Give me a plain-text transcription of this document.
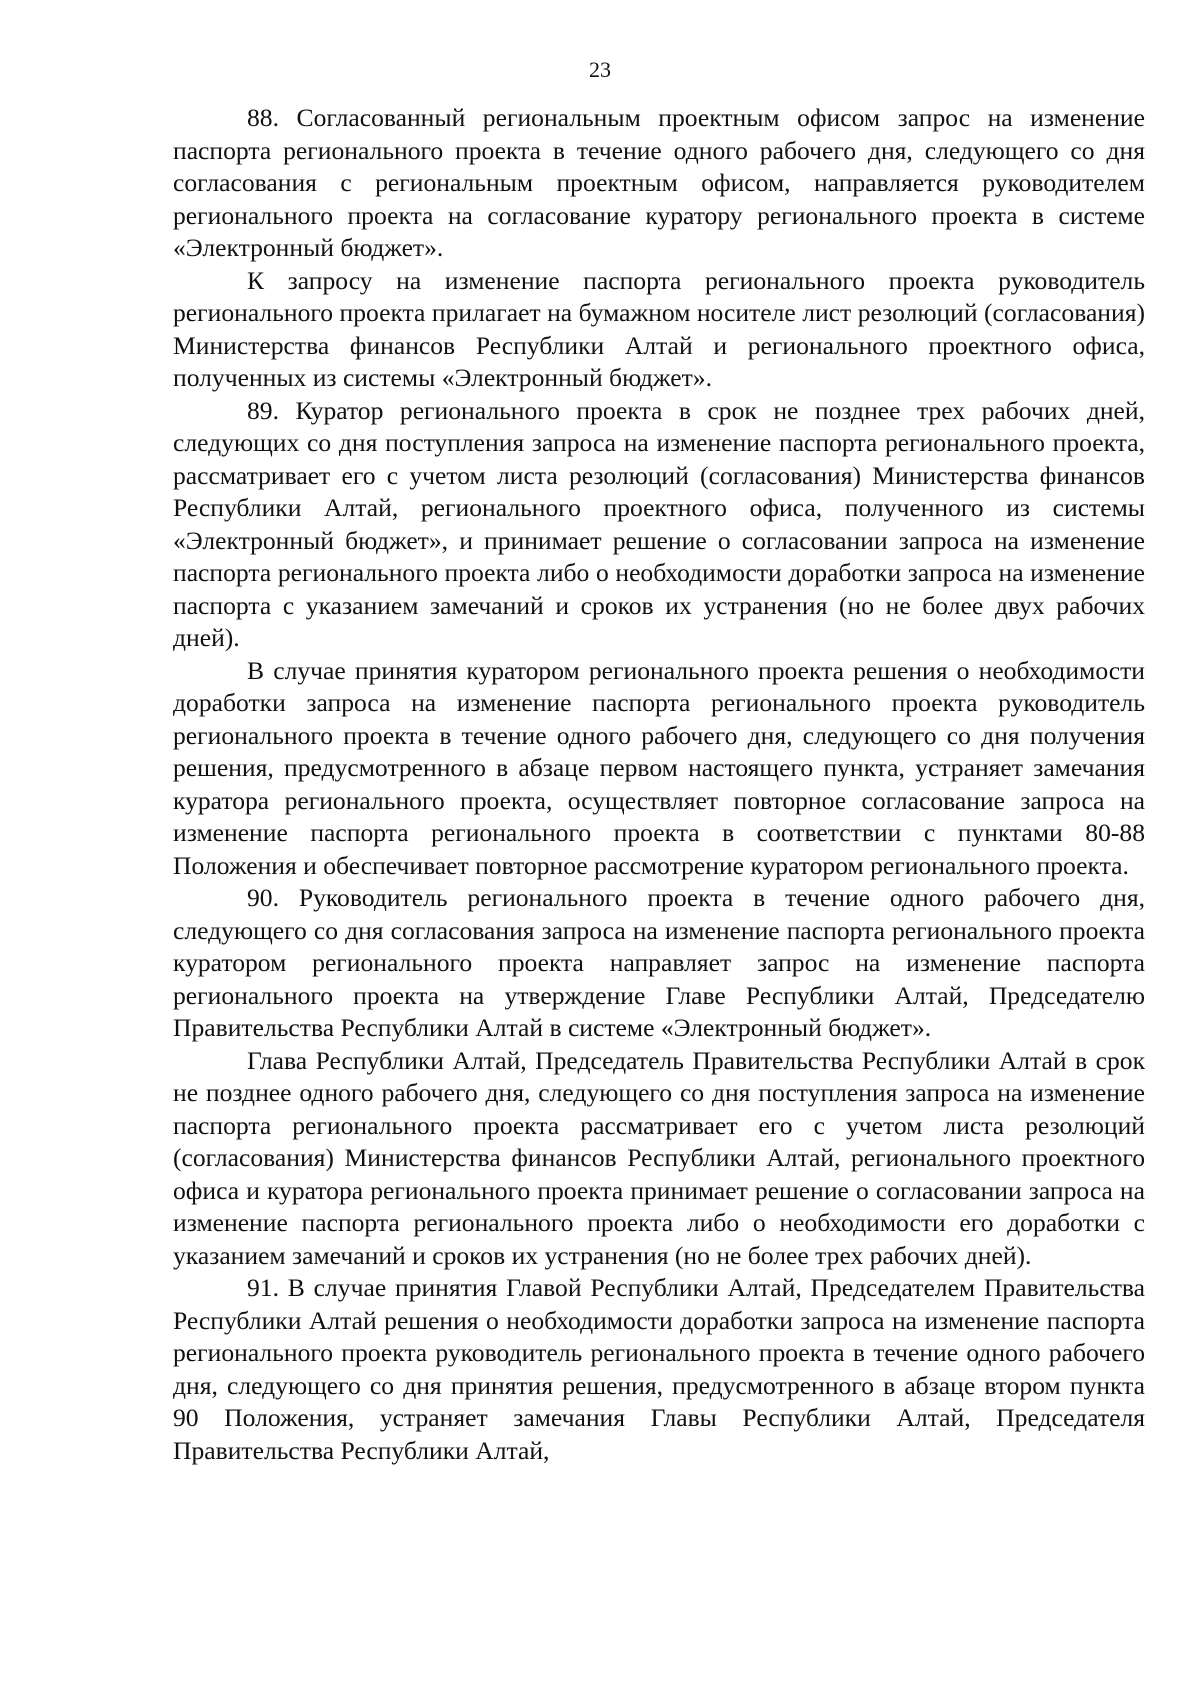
23

88. Согласованный региональным проектным офисом запрос на изменение паспорта регионального проекта в течение одного рабочего дня, следующего со дня согласования с региональным проектным офисом, направляется руководителем регионального проекта на согласование куратору регионального проекта в системе «Электронный бюджет».

К запросу на изменение паспорта регионального проекта руководитель регионального проекта прилагает на бумажном носителе лист резолюций (согласования) Министерства финансов Республики Алтай и регионального проектного офиса, полученных из системы «Электронный бюджет».

89. Куратор регионального проекта в срок не позднее трех рабочих дней, следующих со дня поступления запроса на изменение паспорта регионального проекта, рассматривает его с учетом листа резолюций (согласования) Министерства финансов Республики Алтай, регионального проектного офиса, полученного из системы «Электронный бюджет», и принимает решение о согласовании запроса на изменение паспорта регионального проекта либо о необходимости доработки запроса на изменение паспорта с указанием замечаний и сроков их устранения (но не более двух рабочих дней).

В случае принятия куратором регионального проекта решения о необходимости доработки запроса на изменение паспорта регионального проекта руководитель регионального проекта в течение одного рабочего дня, следующего со дня получения решения, предусмотренного в абзаце первом настоящего пункта, устраняет замечания куратора регионального проекта, осуществляет повторное согласование запроса на изменение паспорта регионального проекта в соответствии с пунктами 80-88 Положения и обеспечивает повторное рассмотрение куратором регионального проекта.

90. Руководитель регионального проекта в течение одного рабочего дня, следующего со дня согласования запроса на изменение паспорта регионального проекта куратором регионального проекта направляет запрос на изменение паспорта регионального проекта на утверждение Главе Республики Алтай, Председателю Правительства Республики Алтай в системе «Электронный бюджет».

Глава Республики Алтай, Председатель Правительства Республики Алтай в срок не позднее одного рабочего дня, следующего со дня поступления запроса на изменение паспорта регионального проекта рассматривает его с учетом листа резолюций (согласования) Министерства финансов Республики Алтай, регионального проектного офиса и куратора регионального проекта принимает решение о согласовании запроса на изменение паспорта регионального проекта либо о необходимости его доработки с указанием замечаний и сроков их устранения (но не более трех рабочих дней).

91. В случае принятия Главой Республики Алтай, Председателем Правительства Республики Алтай решения о необходимости доработки запроса на изменение паспорта регионального проекта руководитель регионального проекта в течение одного рабочего дня, следующего со дня принятия решения, предусмотренного в абзаце втором пункта 90 Положения, устраняет замечания Главы Республики Алтай, Председателя Правительства Республики Алтай,
